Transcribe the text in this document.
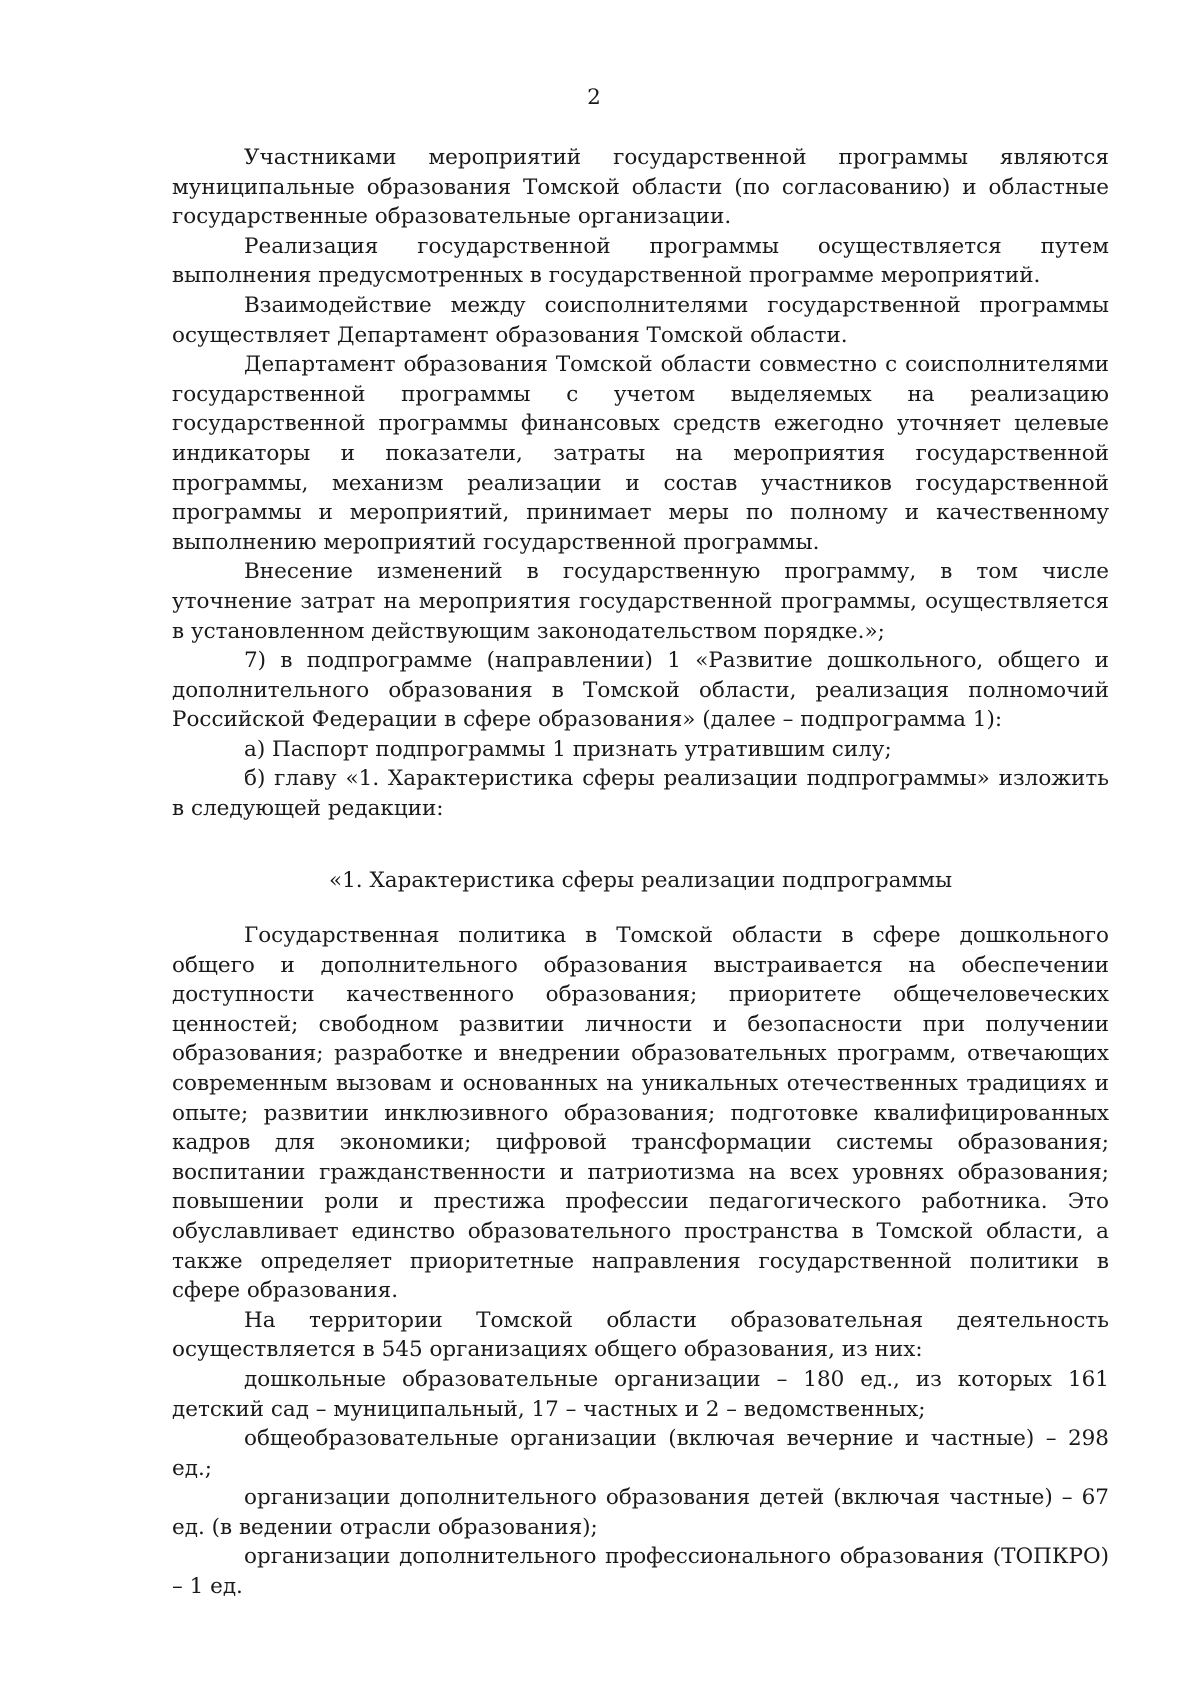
2

Участниками мероприятий государственной программы являются муниципальные образования Томской области (по согласованию) и областные государственные образовательные организации.

Реализация государственной программы осуществляется путем выполнения предусмотренных в государственной программе мероприятий.

Взаимодействие между соисполнителями государственной программы осуществляет Департамент образования Томской области.

Департамент образования Томской области совместно с соисполнителями государственной программы с учетом выделяемых на реализацию государственной программы финансовых средств ежегодно уточняет целевые индикаторы и показатели, затраты на мероприятия государственной программы, механизм реализации и состав участников государственной программы и мероприятий, принимает меры по полному и качественному выполнению мероприятий государственной программы.

Внесение изменений в государственную программу, в том числе уточнение затрат на мероприятия государственной программы, осуществляется в установленном действующим законодательством порядке.»;

7) в подпрограмме (направлении) 1 «Развитие дошкольного, общего и дополнительного образования в Томской области, реализация полномочий Российской Федерации в сфере образования» (далее – подпрограмма 1):

а) Паспорт подпрограммы 1 признать утратившим силу;

б) главу «1. Характеристика сферы реализации подпрограммы» изложить в следующей редакции:

«1. Характеристика сферы реализации подпрограммы

Государственная политика в Томской области в сфере дошкольного общего и дополнительного образования выстраивается на обеспечении доступности качественного образования; приоритете общечеловеческих ценностей; свободном развитии личности и безопасности при получении образования; разработке и внедрении образовательных программ, отвечающих современным вызовам и основанных на уникальных отечественных традициях и опыте; развитии инклюзивного образования; подготовке квалифицированных кадров для экономики; цифровой трансформации системы образования; воспитании гражданственности и патриотизма на всех уровнях образования; повышении роли и престижа профессии педагогического работника. Это обуславливает единство образовательного пространства в Томской области, а также определяет приоритетные направления государственной политики в сфере образования.

На территории Томской области образовательная деятельность осуществляется в 545 организациях общего образования, из них:

дошкольные образовательные организации – 180 ед., из которых 161 детский сад – муниципальный, 17 – частных и 2 – ведомственных;

общеобразовательные организации (включая вечерние и частные) – 298 ед.;

организации дополнительного образования детей (включая частные) – 67 ед. (в ведении отрасли образования);

организации дополнительного профессионального образования (ТОПКРО) – 1 ед.
